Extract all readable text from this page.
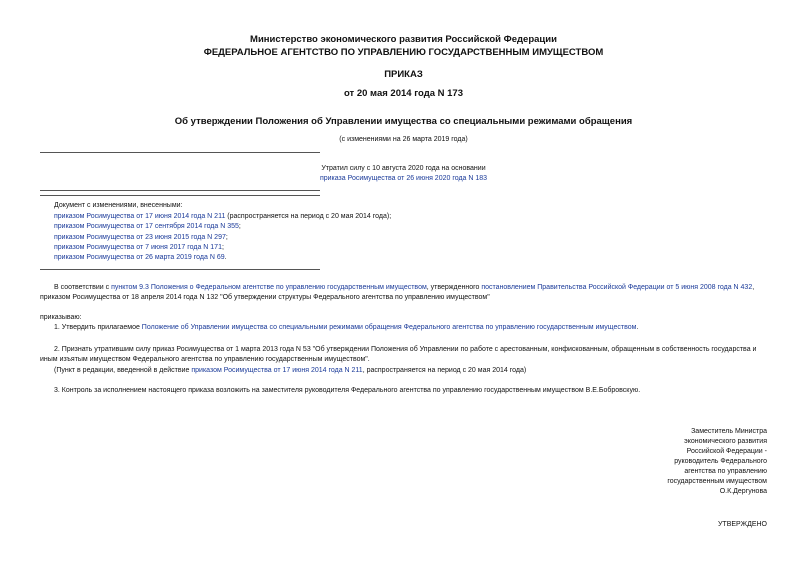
Министерство экономического развития Российской Федерации
ФЕДЕРАЛЬНОЕ АГЕНТСТВО ПО УПРАВЛЕНИЮ ГОСУДАРСТВЕННЫМ ИМУЩЕСТВОМ
ПРИКАЗ
от 20 мая 2014 года N 173
Об утверждении Положения об Управлении имущества со специальными режимами обращения
(с изменениями на 26 марта 2019 года)
Утратил силу с 10 августа 2020 года на основании
приказа Росимущества от 26 июня 2020 года N 183
Документ с изменениями, внесенными:
приказом Росимущества от 17 июня 2014 года N 211 (распространяется на период с 20 мая 2014 года);
приказом Росимущества от 17 сентября 2014 года N 355;
приказом Росимущества от 23 июня 2015 года N 297;
приказом Росимущества от 7 июня 2017 года N 171;
приказом Росимущества от 26 марта 2019 года N 69.
В соответствии с пунктом 9.3 Положения о Федеральном агентстве по управлению государственным имуществом, утвержденного постановлением Правительства Российской Федерации от 5 июня 2008 года N 432, приказом Росимущества от 18 апреля 2014 года N 132 "Об утверждении структуры Федерального агентства по управлению имуществом"
приказываю:
1. Утвердить прилагаемое Положение об Управлении имущества со специальными режимами обращения Федерального агентства по управлению государственным имуществом.
2. Признать утратившим силу приказ Росимущества от 1 марта 2013 года N 53 "Об утверждении Положения об Управлении по работе с арестованным, конфискованным, обращенным в собственность государства и иным изъятым имуществом Федерального агентства по управлению государственным имуществом".
(Пункт в редакции, введенной в действие приказом Росимущества от 17 июня 2014 года N 211, распространяется на период с 20 мая 2014 года)
3. Контроль за исполнением настоящего приказа возложить на заместителя руководителя Федерального агентства по управлению государственным имуществом В.Е.Бобровскую.
Заместитель Министра
экономического развития
Российской Федерации -
руководитель Федерального
агентства по управлению
государственным имуществом
О.К.Дергунова
УТВЕРЖДЕНО
